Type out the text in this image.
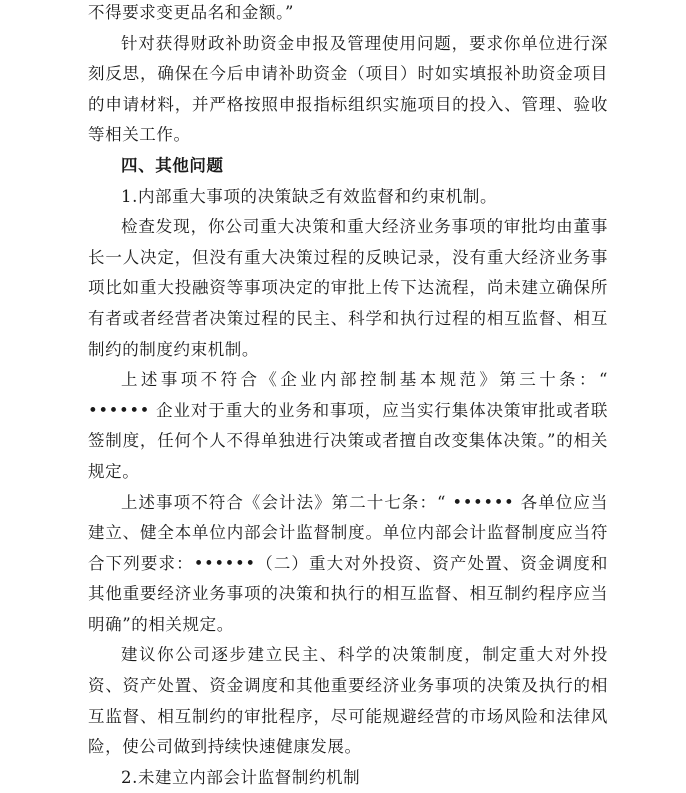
不得要求变更品名和金额。”

针对获得财政补助资金申报及管理使用问题，要求你单位进行深刻反思，确保在今后申请补助资金（项目）时如实填报补助资金项目的申请材料，并严格按照申报指标组织实施项目的投入、管理、验收等相关工作。

四、其他问题

1.内部重大事项的决策缺乏有效监督和约束机制。

检查发现，你公司重大决策和重大经济业务事项的审批均由董事长一人决定，但没有重大决策过程的反映记录，没有重大经济业务事项比如重大投融资等事项决定的审批上传下达流程，尚未建立确保所有者或者经营者决策过程的民主、科学和执行过程的相互监督、相互制约的制度约束机制。

上述事项不符合《企业内部控制基本规范》第三十条：“ •••••• 企业对于重大的业务和事项，应当实行集体决策审批或者联签制度，任何个人不得单独进行决策或者擅自改变集体决策。”的相关规定。

上述事项不符合《会计法》第二十七条：“ •••••• 各单位应当建立、健全本单位内部会计监督制度。单位内部会计监督制度应当符合下列要求：••••••（二）重大对外投资、资产处置、资金调度和其他重要经济业务事项的决策和执行的相互监督、相互制约程序应当明确”的相关规定。

建议你公司逐步建立民主、科学的决策制度，制定重大对外投资、资产处置、资金调度和其他重要经济业务事项的决策及执行的相互监督、相互制约的审批程序，尽可能规避经营的市场风险和法律风险，使公司做到持续快速健康发展。

2.未建立内部会计监督制约机制
